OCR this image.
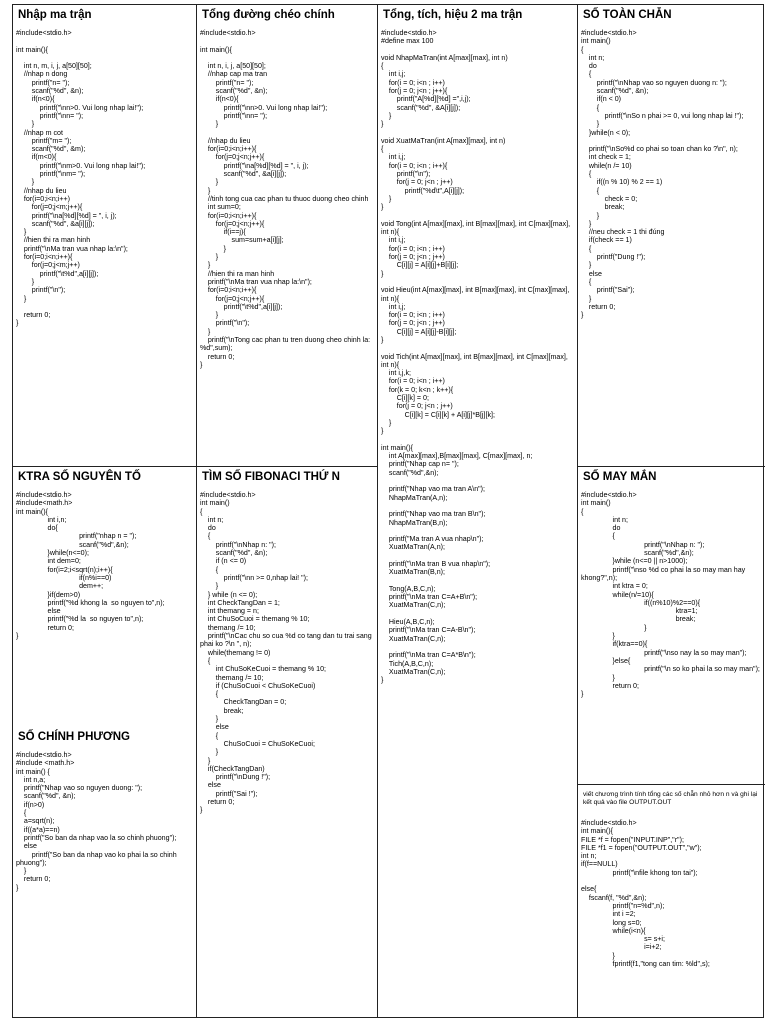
Nhập ma trận
#include<stdio.h>

int main(){

int n, m, i, j, a[50][50];
//nhap n dong
printf("n= ");
scanf("%d", &n);
if(n<0){
printf("\nn>0. Vui long nhap lai!");
printf("\nn= ");
}
//nhap m cot
printf("m= ");
scanf("%d", &m);
if(m<0){
printf("\nm>0. Vui long nhap lai!");
printf("\nm= ");
}
//nhap du lieu
for(i=0;i<n;i++)
for(j=0;j<m;j++){
printf("\na[%d][%d] = ", i, j);
scanf("%d", &a[i][j]);
}
//hien thi ra man hinh
printf("\nMa tran vua nhap la:\n");
for(i=0;i<n;i++){
for(j=0;j<m;j++)
printf("\t%d",a[i][j]);
}
printf("\n");
}

return 0;
}
Tổng đường chéo chính
#include<stdio.h>

int main(){

int n, i, j, a[50][50];
//nhap cap ma tran
printf("n= ");
scanf("%d", &n);
if(n<0){
printf("\nn>0. Vui long nhap lai!");
printf("\nn= ");
}

//nhap du lieu
for(i=0;i<n;i++){
for(j=0;j<n;j++){
printf("\na[%d][%d] = ", i, j);
scanf("%d", &a[i][j]);
}
}
//tinh tong cua cac phan tu thuoc duong cheo chinh
int sum=0;
for(i=0;i<n;i++){
for(j=0;j<n;j++){
if(i==j){
sum=sum+a[i][j];
}
}
}
//hien thi ra man hinh
printf("\nMa tran vua nhap la:\n");
for(i=0;i<n;i++){
for(j=0;j<n;j++){
printf("\t%d",a[i][j]);
}
printf("\n");
}
printf("\nTong cac phan tu tren duong cheo chinh la: %d",sum);
return 0;
}
Tổng, tích, hiệu 2 ma trận
#include<stdio.h>
#define max 100

void NhapMaTran(int A[max][max], int n)
{
int i,j;
for(i = 0; i<n ; i++)
for(j = 0; j<n ; j++){
printf("A[%d][%d] =",i,j);
scanf("%d", &A[i][j]);
}
}

void XuatMaTran(int A[max][max], int n)
{
int i,j;
for(i = 0; i<n ; i++){
printf("\n");
for(j = 0; j<n ; j++)
printf("%d\t",A[i][j]);
}
}

void Tong(int A[max][max], int B[max][max], int C[max][max], int n){
int i,j;
for(i = 0; i<n ; i++)
for(j = 0; j<n ; j++)
C[i][j] = A[i][j]+B[i][j];
}

void Hieu(int A[max][max], int B[max][max], int C[max][max], int n){
int i,j;
for(i = 0; i<n ; i++)
for(j = 0; j<n ; j++)
C[i][j] = A[i][j]-B[i][j];
}

void Tich(int A[max][max], int B[max][max], int C[max][max], int n){
int i,j,k;
for(i = 0; i<n ; i++)
for(k = 0; k<n ; k++){
C[i][k] = 0;
for(j = 0; j<n ; j++)
C[i][k] = C[i][k] + A[i][j]*B[j][k];
}
}

int main(){
int A[max][max],B[max][max], C[max][max], n;
printf("Nhap cap n= ");
scanf("%d",&n);

printf("Nhap vao ma tran A\n");
NhapMaTran(A,n);

printf("Nhap vao ma tran B\n");
NhapMaTran(B,n);

printf("Ma tran A vua nhap\n");
XuatMaTran(A,n);

printf("\nMa tran B vua nhap\n");
XuatMaTran(B,n);

Tong(A,B,C,n);
printf("\nMa tran C=A+B\n");
XuatMaTran(C,n);

Hieu(A,B,C,n);
printf("\nMa tran C=A-B\n");
XuatMaTran(C,n);

printf("\nMa tran C=A*B\n");
Tich(A,B,C,n);
XuatMaTran(C,n);
}
SỐ TOÀN CHẴN
#include<stdio.h>
int main()
{
int n;
do
{
printf("\nNhap vao so nguyen duong n: ");
scanf("%d", &n);
if(n < 0)
{
printf("\nSo n phai >= 0, vui long nhap lai !");
}
}while(n < 0);

printf("\nSo%d co phai so toan chan ko ?\n", n);
int check = 1;
while(n /= 10)
{
if((n % 10) % 2 == 1)
{
check = 0;
break;
}
}
//neu check = 1 thi đúng
if(check == 1)
{
printf("Dung !");
}
else
{
printf("Sai");
}
return 0;
}
KTRA SỐ NGUYÊN TỐ
#include<stdio.h>
#include<math.h>
int main(){
int i,n;
do{
printf("nhap n = ");
scanf("%d",&n);
}while(n<=0);
int dem=0;
for(i=2;i<sqrt(n);i++){
if(n%i==0)
dem++;
}if(dem>0)
printf("%d khong la  so nguyen to",n);
else
printf("%d la  so nguyen to",n);
return 0;
}
SỐ CHÍNH PHƯƠNG
#include<stdio.h>
#include <math.h>
int main() {
int n,a;
printf("Nhap vao so nguyen duong: ");
scanf("%d", &n);
if(n>0)
{
a=sqrt(n);
if((a*a)==n)
printf("So ban da nhap vao la so chinh phuong");
else
printf("So ban da nhap vao ko phai la so chinh phuong");
}
return 0;
}
TÌM SỐ FIBONACI THỨ N
#include<stdio.h>
int main()
{
int n;
do
{
printf("\nNhap n: ");
scanf("%d", &n);
if (n <= 0)
{
printf("\nn >= 0,nhap lai! ");
}
} while (n <= 0);
int CheckTangDan = 1;
int themang = n;
int ChuSoCuoi = themang % 10;
themang /= 10;
printf("\nCac chu so cua %d co tang dan tu trai sang phai ko ?\n ", n);
while(themang != 0)
{
int ChuSoKeCuoi = themang % 10;
themang /= 10;
if (ChuSoCuoi < ChuSoKeCuoi)
{
CheckTangDan = 0;
break;
}
else
{
ChuSoCuoi = ChuSoKeCuoi;
}
}
if(CheckTangDan)
printf("\nDung !");
else
printf("Sai !");
return 0;
}
SỐ MAY MẮN
#include<stdio.h>
int main()
{
int n;
do
{
printf("\nNhap n: ");
scanf("%d",&n);
}while (n<=0 || n>1000);
printf("\nso %d co phai la so may man hay khong?",n);
int ktra = 0;
while(n/=10){
if((n%10)%2==0){
ktra=1;
break;
}
}
if(ktra==0){
printf("\nso nay la so may man");
}else{
printf("\n so ko phai la so may man");
}
return 0;
}
viết chương trình tính tổng các số chẵn nhỏ hơn n và ghi lại kết quả vào file OUTPUT.OUT
#include<stdio.h>
int main(){
FILE *f = fopen("INPUT.INP","r");
FILE *f1 = fopen("OUTPUT.OUT","w");
int n;
if(f==NULL)
printf("\nfile khong ton tai");

else{
fscanf(f, "%d",&n);
printf("n=%d",n);
int i =2;
long s=0;
while(i<n){
s= s+i;
i=i+2;
}
fprintf(f1,"tong can tim: %ld",s);
